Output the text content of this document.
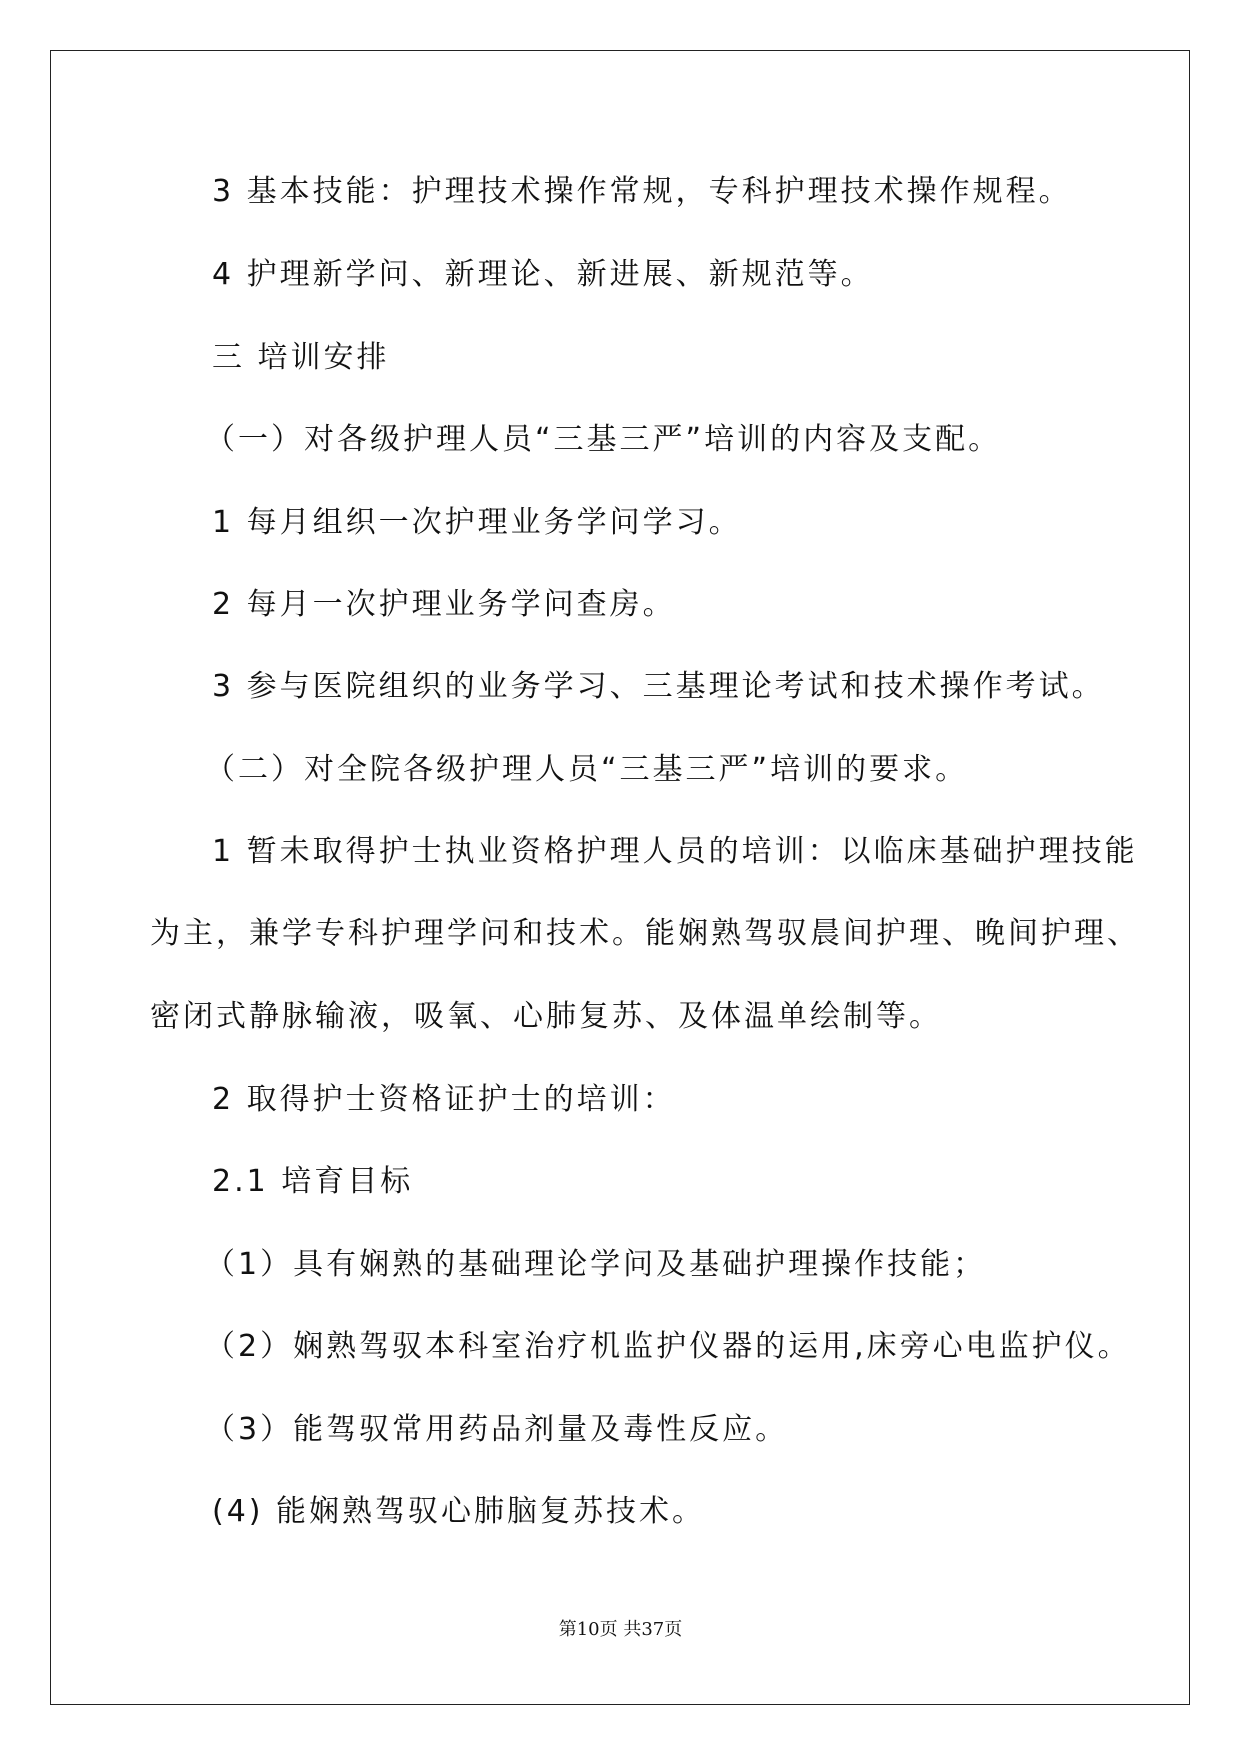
3 基本技能：护理技术操作常规，专科护理技术操作规程。

4 护理新学问、新理论、新进展、新规范等。

三 培训安排

（一）对各级护理人员“三基三严”培训的内容及支配。

1 每月组织一次护理业务学问学习。

2 每月一次护理业务学问查房。

3 参与医院组织的业务学习、三基理论考试和技术操作考试。

（二）对全院各级护理人员“三基三严”培训的要求。

1 暂未取得护士执业资格护理人员的培训：以临床基础护理技能

为主，兼学专科护理学问和技术。能娴熟驾驭晨间护理、晚间护理、

密闭式静脉输液，吸氧、心肺复苏、及体温单绘制等。

2 取得护士资格证护士的培训：

2.1 培育目标

（1）具有娴熟的基础理论学问及基础护理操作技能；

（2）娴熟驾驭本科室治疗机监护仪器的运用,床旁心电监护仪。

（3）能驾驭常用药品剂量及毒性反应。

(4) 能娴熟驾驭心肺脑复苏技术。

第10页 共37页
